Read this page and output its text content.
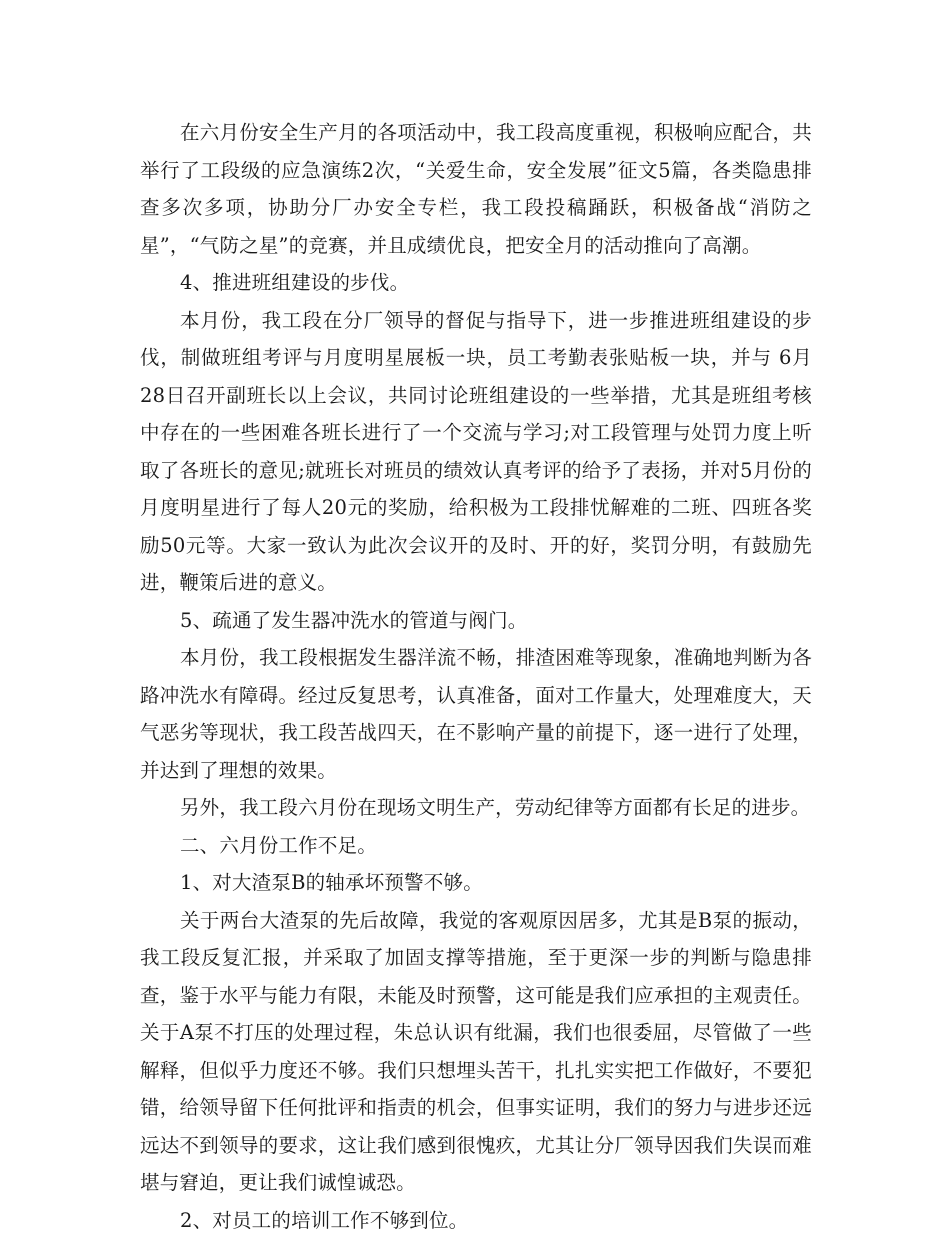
在六月份安全生产月的各项活动中，我工段高度重视，积极响应配合，共举行了工段级的应急演练2次，“关爱生命，安全发展”征文5篇，各类隐患排查多次多项，协助分厂办安全专栏，我工段投稿踊跃，积极备战“消防之星”，“气防之星”的竞赛，并且成绩优良，把安全月的活动推向了高潮。

4、推进班组建设的步伐。

本月份，我工段在分厂领导的督促与指导下，进一步推进班组建设的步伐，制做班组考评与月度明星展板一块，员工考勤表张贴板一块，并与 6月28日召开副班长以上会议，共同讨论班组建设的一些举措，尤其是班组考核中存在的一些困难各班长进行了一个交流与学习;对工段管理与处罚力度上听取了各班长的意见;就班长对班员的绩效认真考评的给予了表扬，并对5月份的月度明星进行了每人20元的奖励，给积极为工段排忧解难的二班、四班各奖励50元等。大家一致认为此次会议开的及时、开的好，奖罚分明，有鼓励先进，鞭策后进的意义。

5、疏通了发生器冲洗水的管道与阀门。

本月份，我工段根据发生器洋流不畅，排渣困难等现象，准确地判断为各路冲洗水有障碍。经过反复思考，认真准备，面对工作量大，处理难度大，天气恶劣等现状，我工段苦战四天，在不影响产量的前提下，逐一进行了处理，并达到了理想的效果。

另外，我工段六月份在现场文明生产，劳动纪律等方面都有长足的进步。

二、六月份工作不足。

1、对大渣泵B的轴承坏预警不够。

关于两台大渣泵的先后故障，我觉的客观原因居多，尤其是B泵的振动，我工段反复汇报，并采取了加固支撑等措施，至于更深一步的判断与隐患排查，鉴于水平与能力有限，未能及时预警，这可能是我们应承担的主观责任。关于A泵不打压的处理过程，朱总认识有纰漏，我们也很委屈，尽管做了一些解释，但似乎力度还不够。我们只想埋头苦干，扎扎实实把工作做好，不要犯错，给领导留下任何批评和指责的机会，但事实证明，我们的努力与进步还远远达不到领导的要求，这让我们感到很愧疚，尤其让分厂领导因我们失误而难堪与窘迫，更让我们诚惶诚恐。

2、对员工的培训工作不够到位。
